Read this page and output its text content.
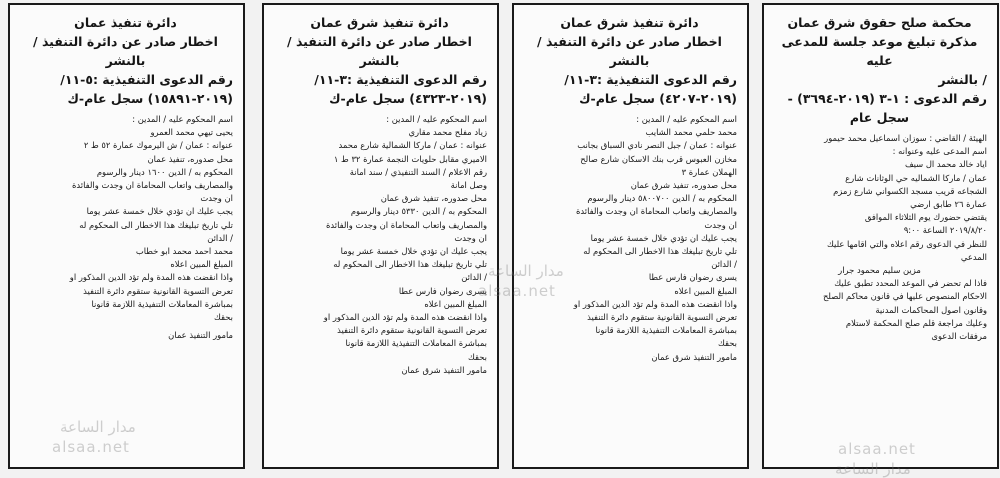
محكمة صلح حقوق شرق عمان
مذكرة تبليغ موعد جلسة للمدعى عليه
/ بالنشر
رقم الدعوى : ١-٣ (٢٠١٩-٣٦٩٤) -
سجل عام
الهيئة / القاضي : سوزان اسماعيل محمد حيمور
اسم المدعى عليه وعنوانه :
اياد خالد محمد ال سيف
عمان / ماركا الشماليه حي الوثانات شارع
الشجاعه قريب مسجد الكسواني شارع زمزم
عمارة ٢٦ طابق ارضي
يقتضي حضورك يوم الثلاثاء الموافق
٢٠١٩/٨/٢٠ الساعة ٩:٠٠
للنظر في الدعوى رقم اعلاه والتي اقامها عليك
المدعي
مزين سليم محمود جرار
فاذا لم تحضر في الموعد المحدد تطبق عليك
الاحكام المنصوص عليها في قانون محاكم الصلح
وقانون اصول المحاكمات المدنية
وعليك مراجعة قلم صلح المحكمة لاستلام
مرفقات الدعوى
دائرة تنفيذ شرق عمان
اخطار صادر عن دائرة التنفيذ / بالنشر
رقم الدعوى التنفيذية :٣-١١/
(٢٠١٩-٤٢٠٧) سجل عام-ك
اسم المحكوم عليه / المدين :
محمد حلمي محمد الشايب
عنوانه : عمان / جبل النصر نادي السباق بجانب
مخازن العبوس قرب بنك الاسكان شارع صالح
الهملان عمارة ٣
محل صدوره، تنفيذ شرق عمان
المحكوم به / الدين ٥٨٠٠٧٠٠ دينار والرسوم
والمصاريف واتعاب المحاماة ان وجدت والفائدة
ان وجدت
يجب عليك ان تؤدي خلال خمسة عشر يوما
تلي تاريخ تبليغك هذا الاخطار الى المحكوم له
/ الدائن
يسرى رضوان فارس عطا
المبلغ المبين اعلاه
واذا انقضت هذه المدة ولم تؤد الدين المذكور او
تعرض التسوية القانونية ستقوم دائرة التنفيذ
بمباشرة المعاملات التنفيذية اللازمة قانونا
بحقك
مامور التنفيذ شرق عمان
دائرة تنفيذ شرق عمان
اخطار صادر عن دائرة التنفيذ / بالنشر
رقم الدعوى التنفيذية :٣-١١/
(٢٠١٩-٤٣٢٣) سجل عام-ك
اسم المحكوم عليه / المدين :
زياد مفلح محمد مقاري
عنوانه : عمان / ماركا الشمالية شارع محمد
الاميري مقابل حلويات النجمة عمارة ٣٢ ط ١
رقم الاعلام / السند التنفيذي / سند امانة
وصل امانة
محل صدوره، تنفيذ شرق عمان
المحكوم به / الدين ٥٣٣٠ دينار والرسوم
والمصاريف واتعاب المحاماة ان وجدت والفائدة
ان وجدت
يجب عليك ان تؤدي خلال خمسة عشر يوما
تلي تاريخ تبليغك هذا الاخطار الى المحكوم له
/ الدائن
يسرى رضوان فارس عطا
المبلغ المبين اعلاه
واذا انقضت هذه المدة ولم تؤد الدين المذكور او
تعرض التسوية القانونية ستقوم دائرة التنفيذ
بمباشرة المعاملات التنفيذية اللازمة قانونا
بحقك
مامور التنفيذ شرق عمان
دائرة تنفيذ عمان
اخطار صادر عن دائرة التنفيذ / بالنشر
رقم الدعوى التنفيذية :٥-١١/
(٢٠١٩-١٥٨٩١) سجل عام-ك
اسم المحكوم عليه / المدين :
يحيى تيهي محمد العمرو
عنوانه : عمان / ش اليرموك عمارة ٥٢ ط ٢
محل صدوره، تنفيذ عمان
المحكوم به / الدين ١٦٠٠ دينار والرسوم
والمصاريف واتعاب المحاماة ان وجدت والفائدة
ان وجدت
يجب عليك ان تؤدي خلال خمسة عشر يوما
تلي تاريخ تبليغك هذا الاخطار الى المحكوم له
/ الدائن
محمد احمد محمد ابو خطاب
المبلغ المبين اعلاه
واذا انقضت هذه المدة ولم تؤد الدين المذكور او
تعرض التسوية القانونية ستقوم دائرة التنفيذ
بمباشرة المعاملات التنفيذية اللازمة قانونا
بحقك
مامور التنفيذ عمان
مدار الساعة
alsaa.net
مدار الساعة
alsaa.net
مدار الساعة
alsaa.net
